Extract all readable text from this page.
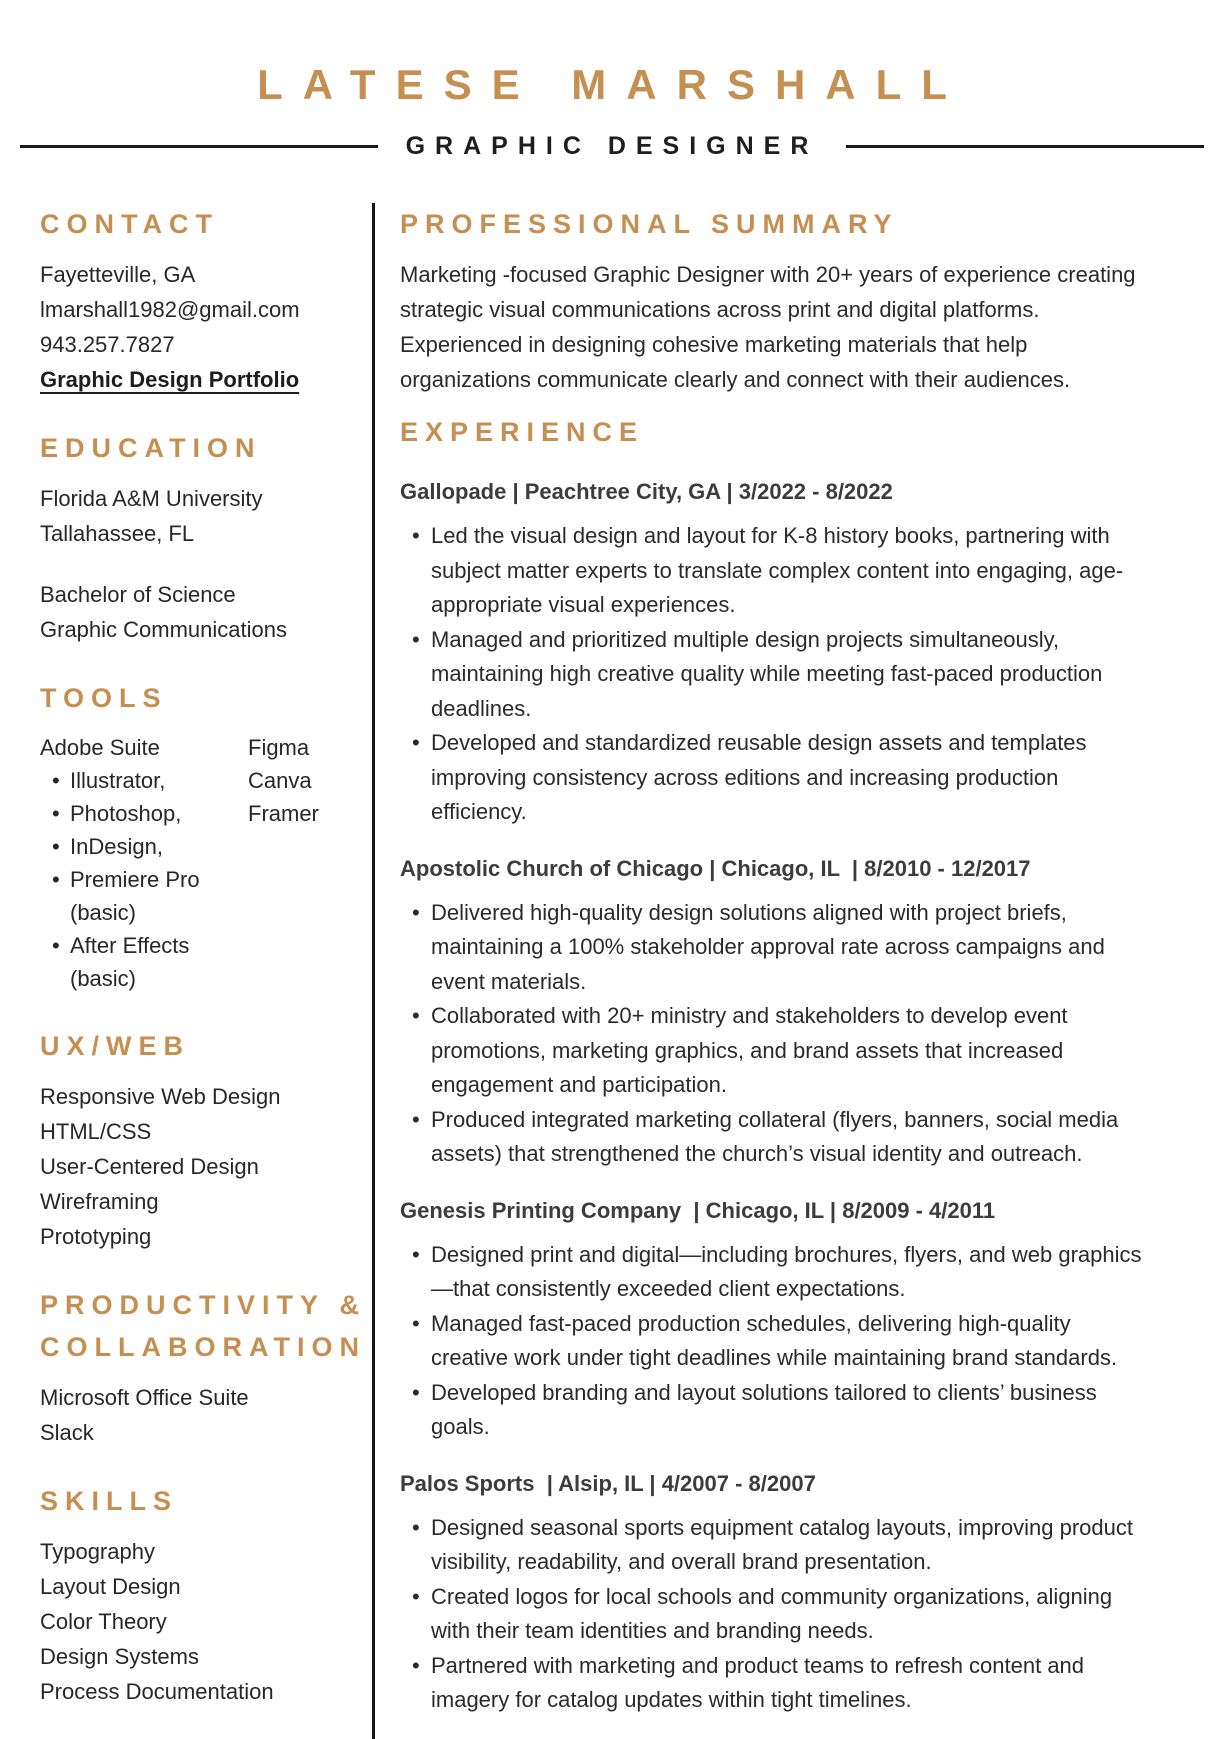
LATESE MARSHALL
GRAPHIC DESIGNER
CONTACT
Fayetteville, GA
lmarshall1982@gmail.com
943.257.7827
Graphic Design Portfolio
EDUCATION
Florida A&M University
Tallahassee, FL
Bachelor of Science
Graphic Communications
TOOLS
Adobe Suite
• Illustrator,
• Photoshop,
• InDesign,
• Premiere Pro (basic)
• After Effects (basic)
Figma
Canva
Framer
UX/WEB
Responsive Web Design
HTML/CSS
User-Centered Design
Wireframing
Prototyping
PRODUCTIVITY & COLLABORATION
Microsoft Office Suite
Slack
SKILLS
Typography
Layout Design
Color Theory
Design Systems
Process Documentation
PROFESSIONAL SUMMARY

Marketing -focused Graphic Designer with 20+ years of experience creating strategic visual communications across print and digital platforms. Experienced in designing cohesive marketing materials that help organizations communicate clearly and connect with their audiences.

EXPERIENCE
Gallopade | Peachtree City, GA | 3/2022 - 8/2022
• Led the visual design and layout for K-8 history books, partnering with subject matter experts to translate complex content into engaging, age-appropriate visual experiences.
• Managed and prioritized multiple design projects simultaneously, maintaining high creative quality while meeting fast-paced production deadlines.
• Developed and standardized reusable design assets and templates improving consistency across editions and increasing production efficiency.
Apostolic Church of Chicago | Chicago, IL  | 8/2010 - 12/2017
• Delivered high-quality design solutions aligned with project briefs, maintaining a 100% stakeholder approval rate across campaigns and event materials.
• Collaborated with 20+ ministry and stakeholders to develop event promotions, marketing graphics, and brand assets that increased engagement and participation.
• Produced integrated marketing collateral (flyers, banners, social media assets) that strengthened the church’s visual identity and outreach.
Genesis Printing Company  | Chicago, IL | 8/2009 - 4/2011
• Designed print and digital—including brochures, flyers, and web graphics—that consistently exceeded client expectations.
• Managed fast-paced production schedules, delivering high-quality creative work under tight deadlines while maintaining brand standards.
• Developed branding and layout solutions tailored to clients’ business goals.
Palos Sports  | Alsip, IL | 4/2007 - 8/2007
• Designed seasonal sports equipment catalog layouts, improving product visibility, readability, and overall brand presentation.
• Created logos for local schools and community organizations, aligning with their team identities and branding needs.
• Partnered with marketing and product teams to refresh content and imagery for catalog updates within tight timelines.
